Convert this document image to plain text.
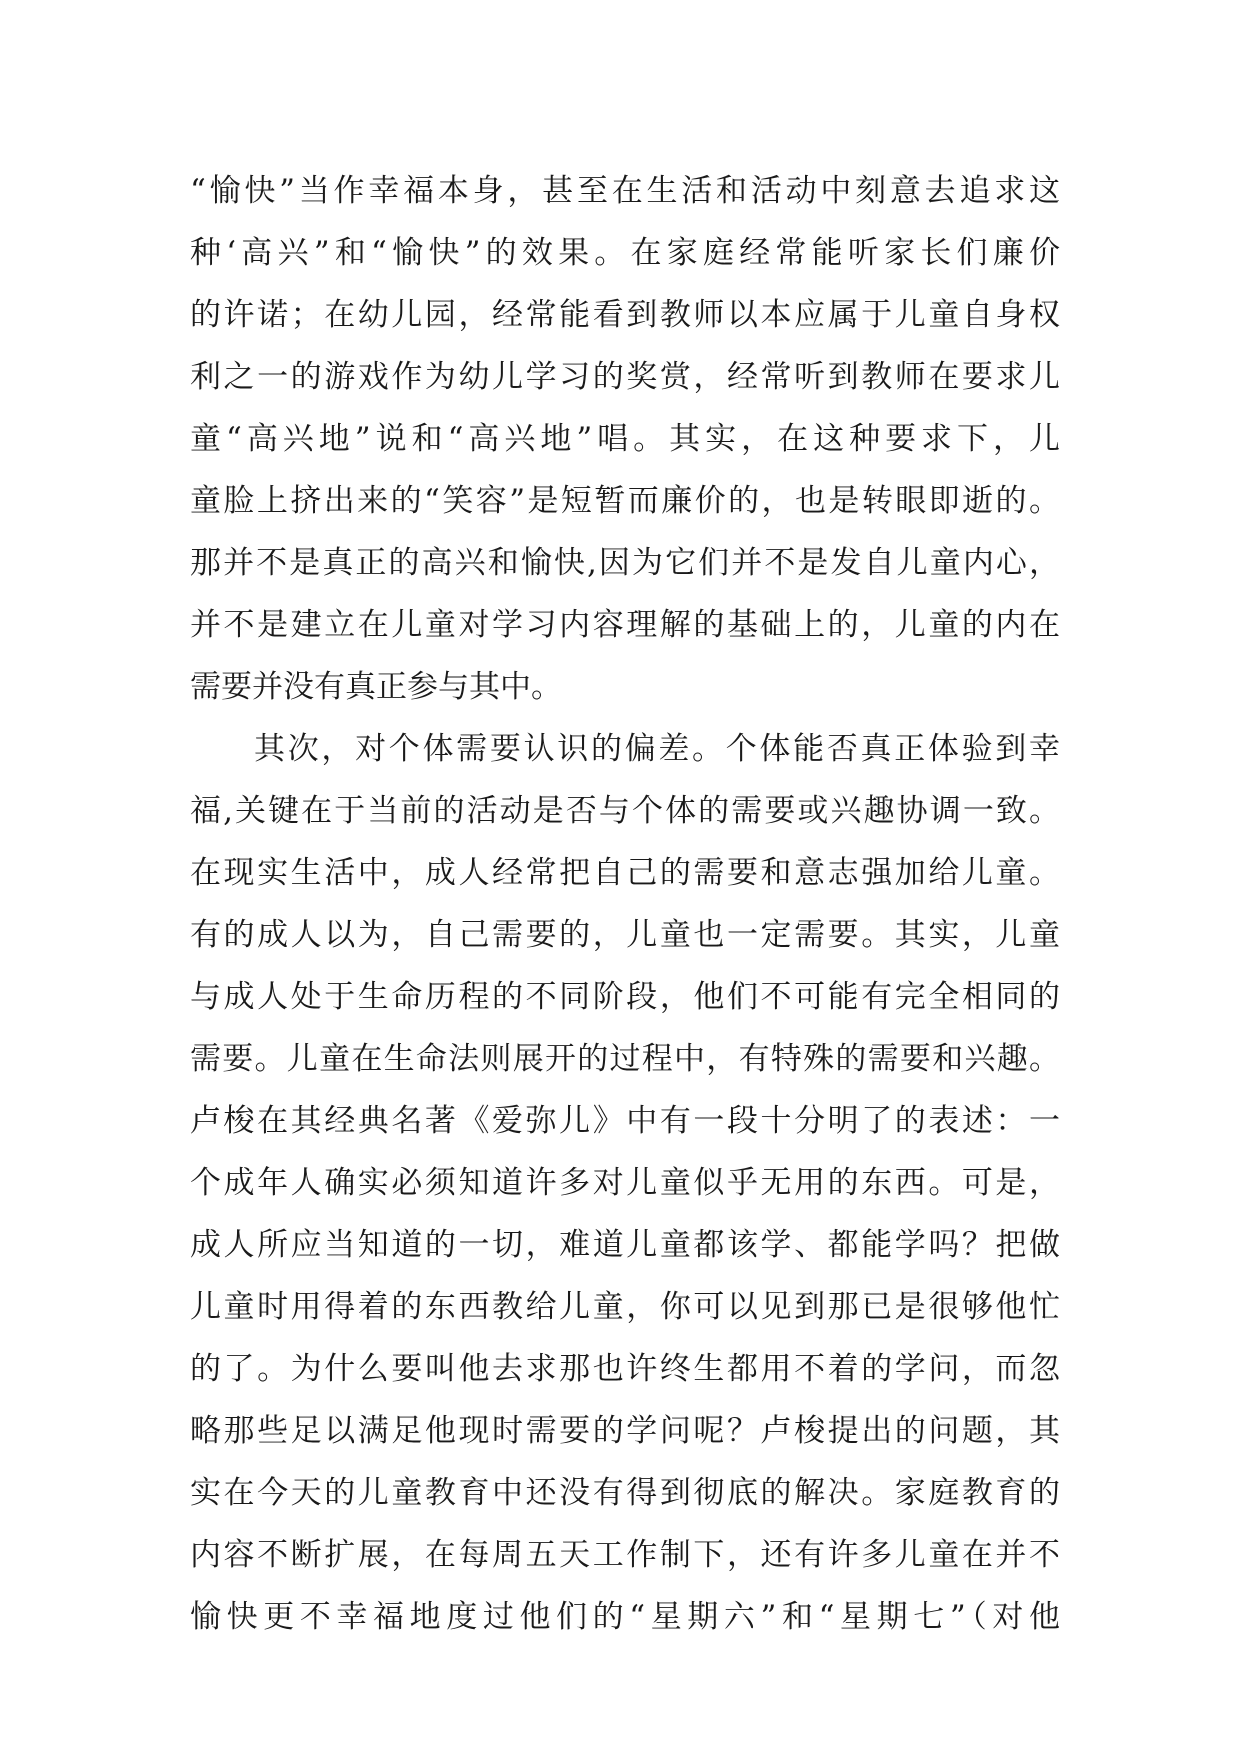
“愉快”当作幸福本身，甚至在生活和活动中刻意去追求这
种‘高兴”和“愉快”的效果。在家庭经常能听家长们廉价
的许诺；在幼儿园，经常能看到教师以本应属于儿童自身权
利之一的游戏作为幼儿学习的奖赏，经常听到教师在要求儿
童“高兴地”说和“高兴地”唱。其实，在这种要求下，儿
童脸上挤出来的“笑容”是短暂而廉价的，也是转眼即逝的。
那并不是真正的高兴和愉快,因为它们并不是发自儿童内心，
并不是建立在儿童对学习内容理解的基础上的，儿童的内在
需要并没有真正参与其中。
其次，对个体需要认识的偏差。个体能否真正体验到幸
福,关键在于当前的活动是否与个体的需要或兴趣协调一致。
在现实生活中，成人经常把自己的需要和意志强加给儿童。
有的成人以为，自己需要的，儿童也一定需要。其实，儿童
与成人处于生命历程的不同阶段，他们不可能有完全相同的
需要。儿童在生命法则展开的过程中，有特殊的需要和兴趣。
卢梭在其经典名著《爱弥儿》中有一段十分明了的表述：一
个成年人确实必须知道许多对儿童似乎无用的东西。可是，
成人所应当知道的一切，难道儿童都该学、都能学吗？把做
儿童时用得着的东西教给儿童，你可以见到那已是很够他忙
的了。为什么要叫他去求那也许终生都用不着的学问，而忽
略那些足以满足他现时需要的学问呢？卢梭提出的问题，其
实在今天的儿童教育中还没有得到彻底的解决。家庭教育的
内容不断扩展，在每周五天工作制下，还有许多儿童在并不
愉快更不幸福地度过他们的“星期六”和“星期七”（对他
